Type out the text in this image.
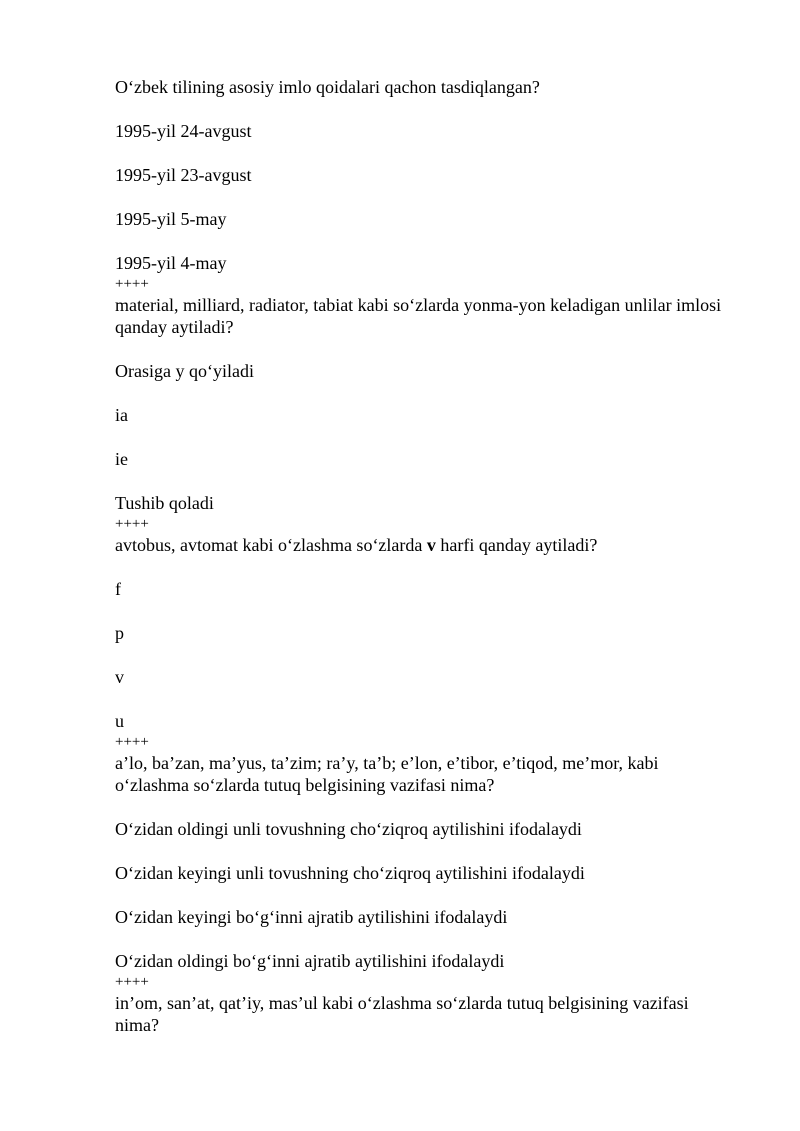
O‘zbek tilining asosiy imlo qoidalari qachon tasdiqlangan?

1995-yil 24-avgust

1995-yil 23-avgust

1995-yil 5-may

1995-yil 4-may

++++

material, milliard, radiator, tabiat kabi so‘zlarda yonma-yon keladigan unlilar imlosi qanday aytiladi?

Orasiga y qo‘yiladi

ia

ie

Tushib qoladi

++++

avtobus, avtomat kabi o‘zlashma so‘zlarda v harfi qanday aytiladi?

f

p

v

u

++++

a’lo, ba’zan, ma’yus, ta’zim; ra’y, ta’b; e’lon, e’tibor, e’tiqod, me’mor, kabi o‘zlashma so‘zlarda tutuq belgisining vazifasi nima?

O‘zidan oldingi unli tovushning cho‘ziqroq aytilishini ifodalaydi

O‘zidan keyingi unli tovushning cho‘ziqroq aytilishini ifodalaydi

O‘zidan keyingi bo‘g‘inni ajratib aytilishini ifodalaydi

O‘zidan oldingi bo‘g‘inni ajratib aytilishini ifodalaydi

++++

in’om, san’at, qat’iy, mas’ul kabi o‘zlashma so‘zlarda tutuq belgisining vazifasi nima?
